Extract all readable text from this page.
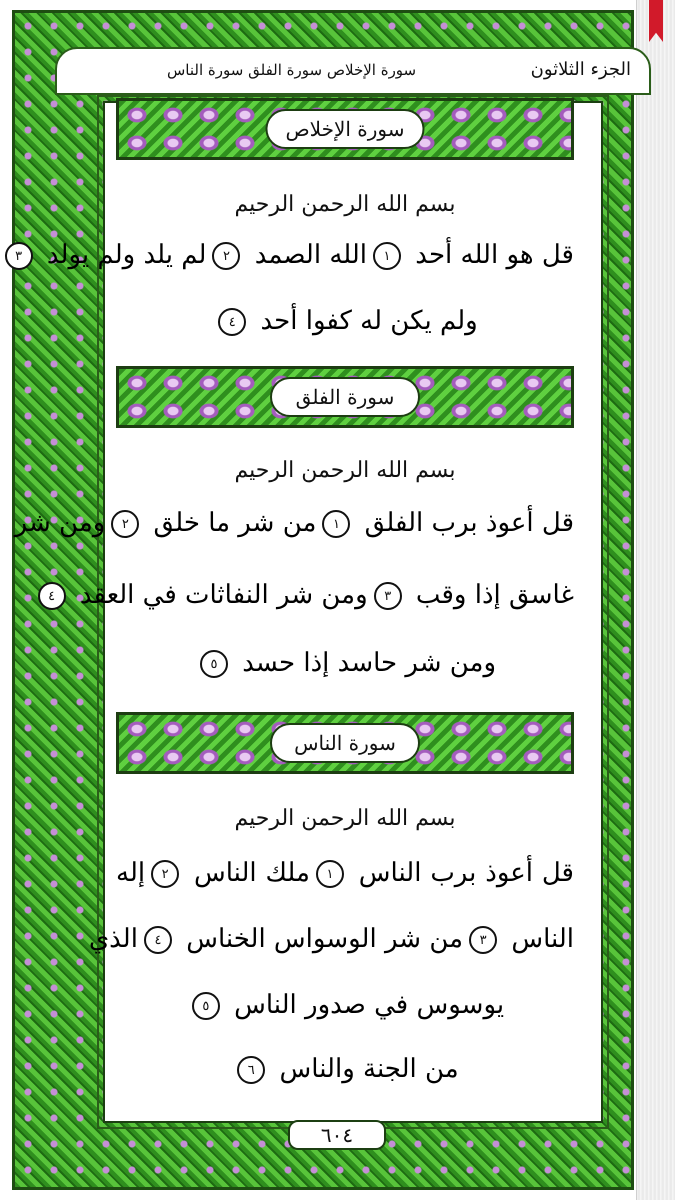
الجزء الثلاثون
سورة الإخلاص سورة الفلق سورة الناس
سورة الإخلاص
بسم الله الرحمن الرحيم
قل هو الله أحد ١الله الصمد ٢لم يلد ولم يولد ٣
ولم يكن له كفوا أحد ٤
سورة الفلق
بسم الله الرحمن الرحيم
قل أعوذ برب الفلق ١من شر ما خلق ٢ومن شر
غاسق إذا وقب ٣ومن شر النفاثات في العقد ٤
ومن شر حاسد إذا حسد ٥
سورة الناس
بسم الله الرحمن الرحيم
قل أعوذ برب الناس ١ملك الناس ٢إله
الناس ٣من شر الوسواس الخناس ٤الذي
يوسوس في صدور الناس ٥
من الجنة والناس ٦
٦٠٤
